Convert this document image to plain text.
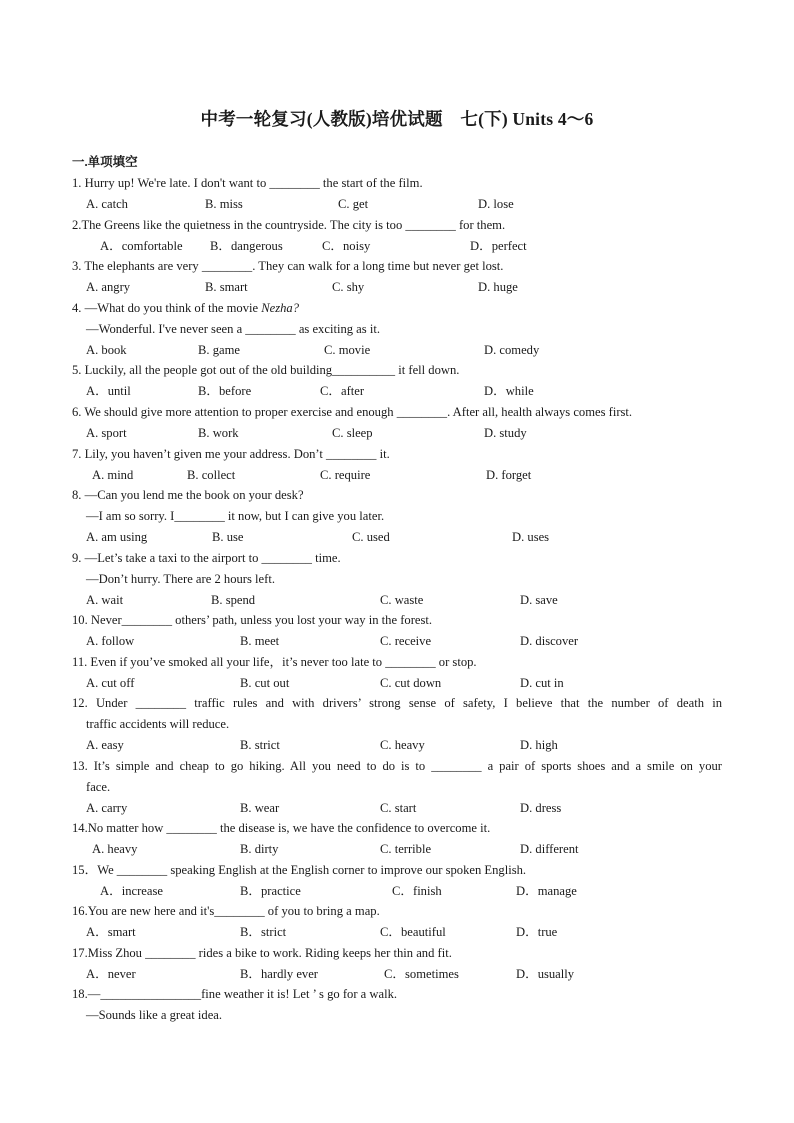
中考一轮复习(人教版)培优试题　七(下) Units 4～6
一.单项填空
1. Hurry up! We're late. I don't want to ________ the start of the film.
A. catch	B. miss	C. get	D. lose
2.The Greens like the quietness in the countryside. The city is too ________ for them.
A．comfortable B．dangerous	C．noisy	D．perfect
3. The elephants are very ________. They can walk for a long time but never get lost.
A. angry	B. smart	C. shy	D. huge
4. —What do you think of the movie Nezha?
—Wonderful. I've never seen a ________ as exciting as it.
A. book	B. game	C. movie	D. comedy
5. Luckily, all the people got out of the old building__________ it fell down.
A．until	B．before	C．after	D．while
6. We should give more attention to proper exercise and enough ________. After all, health always comes first.
A. sport	B. work	C. sleep	D. study
7. Lily, you haven’t given me your address. Don’t ________ it.
A. mind	B. collect	C. require	D. forget
8. —Can you lend me the book on your desk?
—I am so sorry. I________ it now, but I can give you later.
A. am using	B. use	C. used	D. uses
9. —Let’s take a taxi to the airport to ________ time.
—Don’t hurry. There are 2 hours left.
A. wait	B. spend	C. waste	D. save
10. Never________ others’ path, unless you lost your way in the forest.
A. follow	B. meet	C. receive	D. discover
11. Even if you’ve smoked all your life，it’s never too late to ________ or stop.
A. cut off	B. cut out	C. cut down	D. cut in
12. Under ________ traffic rules and with drivers’ strong sense of safety, I believe that the number of death in
traffic accidents will reduce.
A. easy	B. strict	C. heavy	D. high
13. It’s simple and cheap to go hiking. All you need to do is to ________ a pair of sports shoes and a smile on your
face.
A. carry	B. wear	C. start	D. dress
14.No matter how ________ the disease is, we have the confidence to overcome it.
A. heavy	B. dirty	C. terrible	D. different
15．We ________ speaking English at the English corner to improve our spoken English.
A．increase	B．practice	C．finish	D．manage
16.You are new here and it's________ of you to bring a map.
A．smart	B．strict	C．beautiful	D．true
17.Miss Zhou ________ rides a bike to work. Riding keeps her thin and fit.
A．never	B．hardly ever	C．sometimes	D．usually
18.—________________fine weather it is! Let ’ s go for a walk.
—Sounds like a great idea.
